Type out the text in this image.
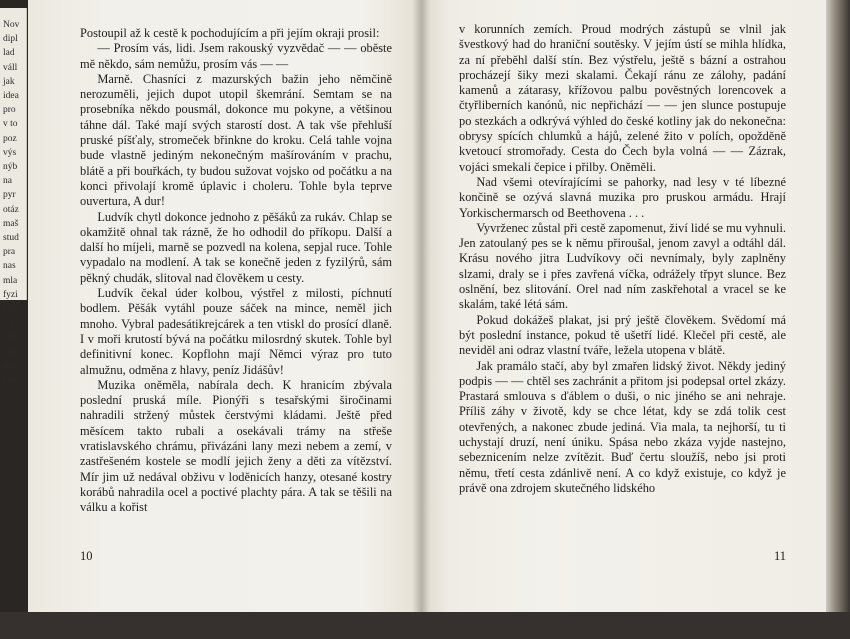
Nov
dipl
lad
váll
jak
idea
pro
v to
poz
výs
nýb
na
pyr
otáz
maš
stud
pra
nas
mla
fyzi
bala
a s
trpě
posl
moc
člov

Postoupil až k cestě k pochodujícím a při jejím okraji prosil:

— Prosím vás, lidi. Jsem rakouský vyzvědač — — oběste mě někdo, sám nemůžu, prosím vás — —

Marně. Chasníci z mazurských bažin jeho němčině nerozuměli, jejich dupot utopil škemrání. Semtam se na prosebníka někdo pousmál, dokonce mu pokyne, a většinou táhne dál. Také mají svých starostí dost. A tak vše přehluší pruské píšťaly, stromeček břinkne do kroku. Celá tahle vojna bude vlastně jediným nekonečným mašírováním v prachu, blátě a při bouřkách, ty budou sužovat vojsko od počátku a na konci přivolají kromě úplavic i choleru. Tohle byla teprve ouvertura, A dur!

Ludvík chytl dokonce jednoho z pěšáků za rukáv. Chlap se okamžitě ohnal tak rázně, že ho odhodil do příkopu. Další a další ho míjeli, marně se pozvedl na kolena, sepjal ruce. Tohle vypadalo na modlení. A tak se konečně jeden z fyzilýrů, sám pěkný chudák, slitoval nad člověkem u cesty.

Ludvík čekal úder kolbou, výstřel z milosti, píchnutí bodlem. Pěšák vytáhl pouze sáček na mince, neměl jich mnoho. Vybral padesátikrejcárek a ten vtiskl do prosící dlaně. I v moři krutostí bývá na počátku milosrdný skutek. Tohle byl definitivní konec. Kopflohn mají Němci výraz pro tuto almužnu, odměna z hlavy, peníz Jidášův!

Muzika oněměla, nabírala dech. K hranicím zbývala poslední pruská míle. Pionýři s tesařskými širočinami nahradili stržený můstek čerstvými kládami. Ještě před měsícem takto rubali a osekávali trámy na střeše vratislavského chrámu, přivázáni lany mezi nebem a zemí, v zastřešeném kostele se modlí jejich ženy a děti za vítězství. Mír jim už nedával obživu v loděnicích hanzy, otesané kostry korábů nahradila ocel a poctivé plachty pára. A tak se těšili na válku a kořist

10

v korunních zemích. Proud modrých zástupů se vlnil jak švestkový had do hraniční soutěsky. V jejím ústí se mihla hlídka, za ní přeběhl další stín. Bez výstřelu, ještě s bázní a ostrahou procházejí šiky mezi skalami. Čekají ránu ze zálohy, padání kamenů a zátarasy, křížovou palbu pověstných lorencovek a čtyřliberních kanónů, nic nepřichází — — jen slunce postupuje po stezkách a odkrývá výhled do české kotliny jak do nekonečna: obrysy spících chlumků a hájů, zelené žito v polích, opožděně kvetoucí stromořady. Cesta do Čech byla volná — — Zázrak, vojáci smekali čepice i přilby. Oněměli.

Nad všemi otevírajícími se pahorky, nad lesy v té líbezné končině se ozývá slavná muzika pro pruskou armádu. Hrají Yorkischermarsch od Beethovena . . .

Vyvrženec zůstal při cestě zapomenut, živí lidé se mu vyhnuli. Jen zatoulaný pes se k němu přiroušal, jenom zavyl a odtáhl dál. Krásu nového jitra Ludvíkovy oči nevnímaly, byly zaplněny slzami, draly se i přes zavřená víčka, odrážely třpyt slunce. Bez oslnění, bez slitování. Orel nad ním zaskřehotal a vracel se ke skalám, také létá sám.

Pokud dokážeš plakat, jsi prý ještě člověkem. Svědomí má být poslední instance, pokud tě ušetří lidé. Klečel při cestě, ale neviděl ani odraz vlastní tváře, ležela utopena v blátě.

Jak pramálo stačí, aby byl zmařen lidský život. Někdy jediný podpis — — chtěl ses zachránit a přitom jsi podepsal ortel zkázy. Prastará smlouva s ďáblem o duši, o nic jiného se ani nehraje. Příliš záhy v životě, kdy se chce létat, kdy se zdá tolik cest otevřených, a nakonec zbude jediná. Via mala, ta nejhorší, tu ti uchystají druzí, není úniku. Spása nebo zkáza vyjde nastejno, sebeznicením nelze zvítězit. Buď čertu sloužíš, nebo jsi proti němu, třetí cesta zdánlivě není. A co když existuje, co když je právě ona zdrojem skutečného lidského

11
